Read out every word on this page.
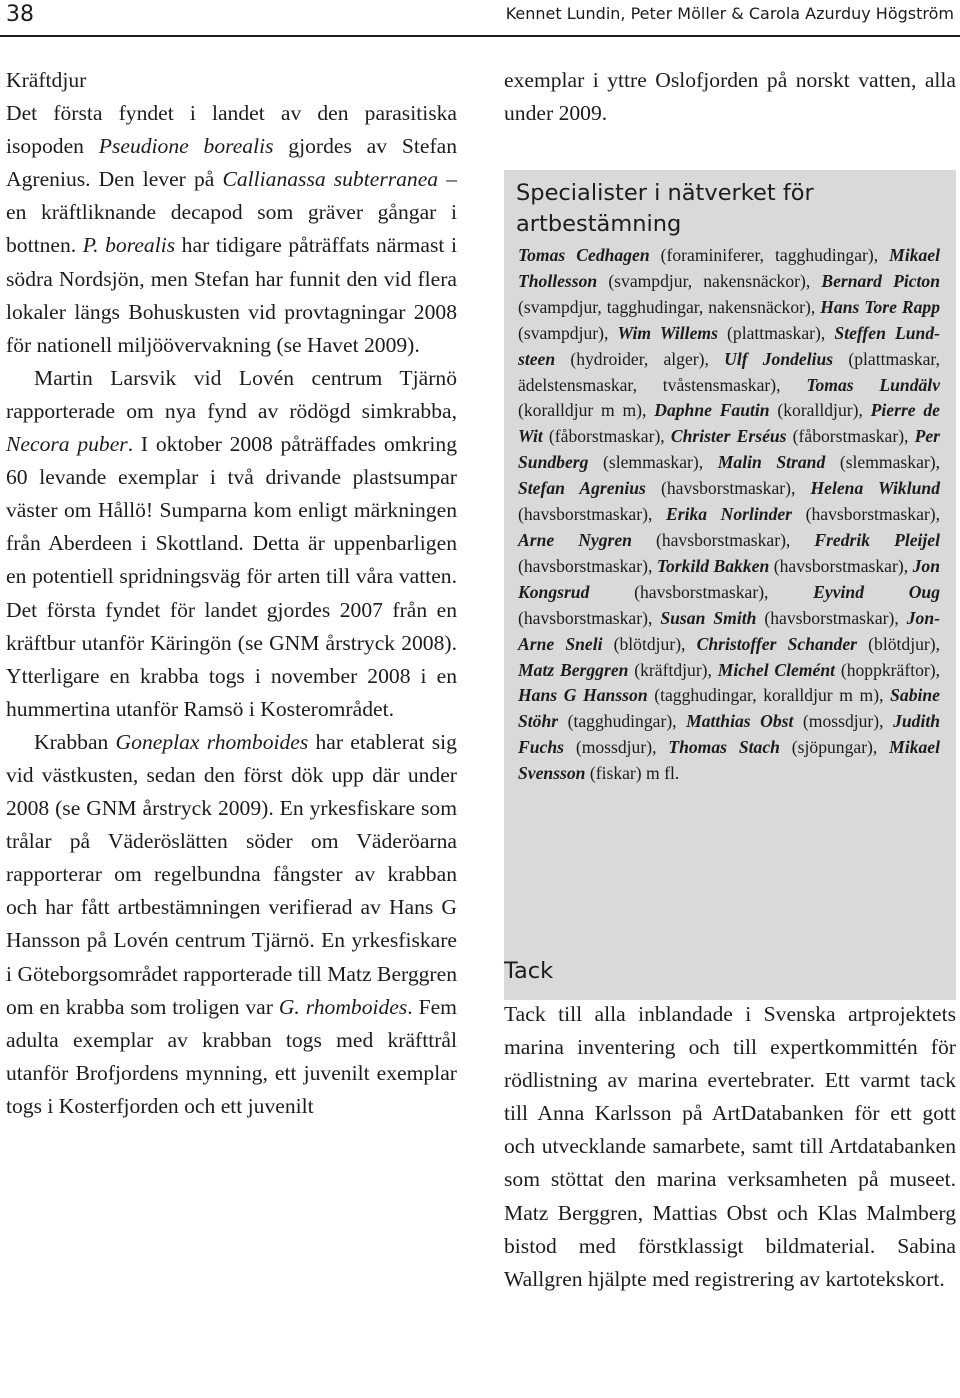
38	Kennet Lundin, Peter Möller & Carola Azurduy Högström

Kräftdjur

Det första fyndet i landet av den parasitiska isopoden Pseudione borealis gjordes av Stefan Agrenius. Den lever på Callianassa subterranea – en kräftliknande decapod som gräver gångar i bottnen. P. borealis har tidigare påträffats närmast i södra Nordsjön, men Stefan har funnit den vid flera lokaler längs Bohuskusten vid provtagningar 2008 för nationell miljöövervakning (se Havet 2009).

Martin Larsvik vid Lovén centrum Tjärnö rapporterade om nya fynd av rödögd simkrabba, Necora puber. I oktober 2008 påträffades omkring 60 levande exemplar i två drivande plastsumpar väster om Hållö! Sumparna kom enligt märkningen från Aberdeen i Skottland. Detta är uppenbarligen en potentiell spridningsväg för arten till våra vatten. Det första fyndet för landet gjordes 2007 från en kräftbur utanför Käringön (se GNM årstryck 2008). Ytterligare en krabba togs i november 2008 i en hummertina utanför Ramsö i Kosterområdet.

Krabban Goneplax rhomboides har etablerat sig vid västkusten, sedan den först dök upp där under 2008 (se GNM årstryck 2009). En yrkesfiskare som trålar på Väderöslätten söder om Väderöarna rapporterar om regelbundna fångster av krabban och har fått artbestämningen verifierad av Hans G Hansson på Lovén centrum Tjärnö. En yrkesfiskare i Göteborgsområdet rapporterade till Matz Berggren om en krabba som troligen var G. rhomboides. Fem adulta exemplar av krabban togs med kräfttrål utanför Brofjordens mynning, ett juvenilt exemplar togs i Kosterfjorden och ett juvenilt

exemplar i yttre Oslofjorden på norskt vatten, alla under 2009.

Specialister i nätverket för artbestämning
Tomas Cedhagen (foraminiferer, tagghudingar), Mikael Thollesson (svampdjur, nakensnäckor), Bernard Picton (svampdjur, tagghudingar, nakensnäckor), Hans Tore Rapp (svampdjur), Wim Willems (plattmaskar), Steffen Lundsteen (hydroider, alger), Ulf Jondelius (plattmaskar, ädelstensmaskar, tvåstensmaskar), Tomas Lundälv (koralldjur m m), Daphne Fautin (koralldjur), Pierre de Wit (fåborstmaskar), Christer Erséus (fåborstmaskar), Per Sundberg (slemmaskar), Malin Strand (slemmaskar), Stefan Agrenius (havsborstmaskar), Helena Wiklund (havsborstmaskar), Erika Norlinder (havsborstmaskar), Arne Nygren (havsborstmaskar), Fredrik Pleijel (havsborstmaskar), Torkild Bakken (havsborstmaskar), Jon Kongsrud (havsborstmaskar), Eyvind Oug (havsborstmaskar), Susan Smith (havsborstmaskar), Jon-Arne Sneli (blötdjur), Christoffer Schander (blötdjur), Matz Berggren (kräftdjur), Michel Clemént (hoppkräftor), Hans G Hansson (tagghudingar, koralldjur m m), Sabine Stöhr (tagghudingar), Matthias Obst (mossdjur), Judith Fuchs (mossdjur), Thomas Stach (sjöpungar), Mikael Svensson (fiskar) m fl.
Tack

Tack till alla inblandade i Svenska artprojektets marina inventering och till expertkommittén för rödlistning av marina evertebrater. Ett varmt tack till Anna Karlsson på ArtDatabanken för ett gott och utvecklande samarbete, samt till Artdatabanken som stöttat den marina verksamheten på museet. Matz Berggren, Mattias Obst och Klas Malmberg bistod med förstklassigt bildmaterial. Sabina Wallgren hjälpte med registrering av kartotekskort.
